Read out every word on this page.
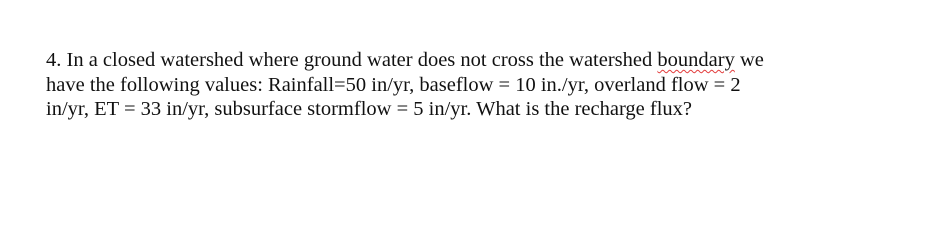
4. In a closed watershed where ground water does not cross the watershed boundary we
have the following values: Rainfall=50 in/yr, baseflow = 10 in./yr, overland flow = 2
in/yr, ET = 33 in/yr, subsurface stormflow = 5 in/yr. What is the recharge flux?
